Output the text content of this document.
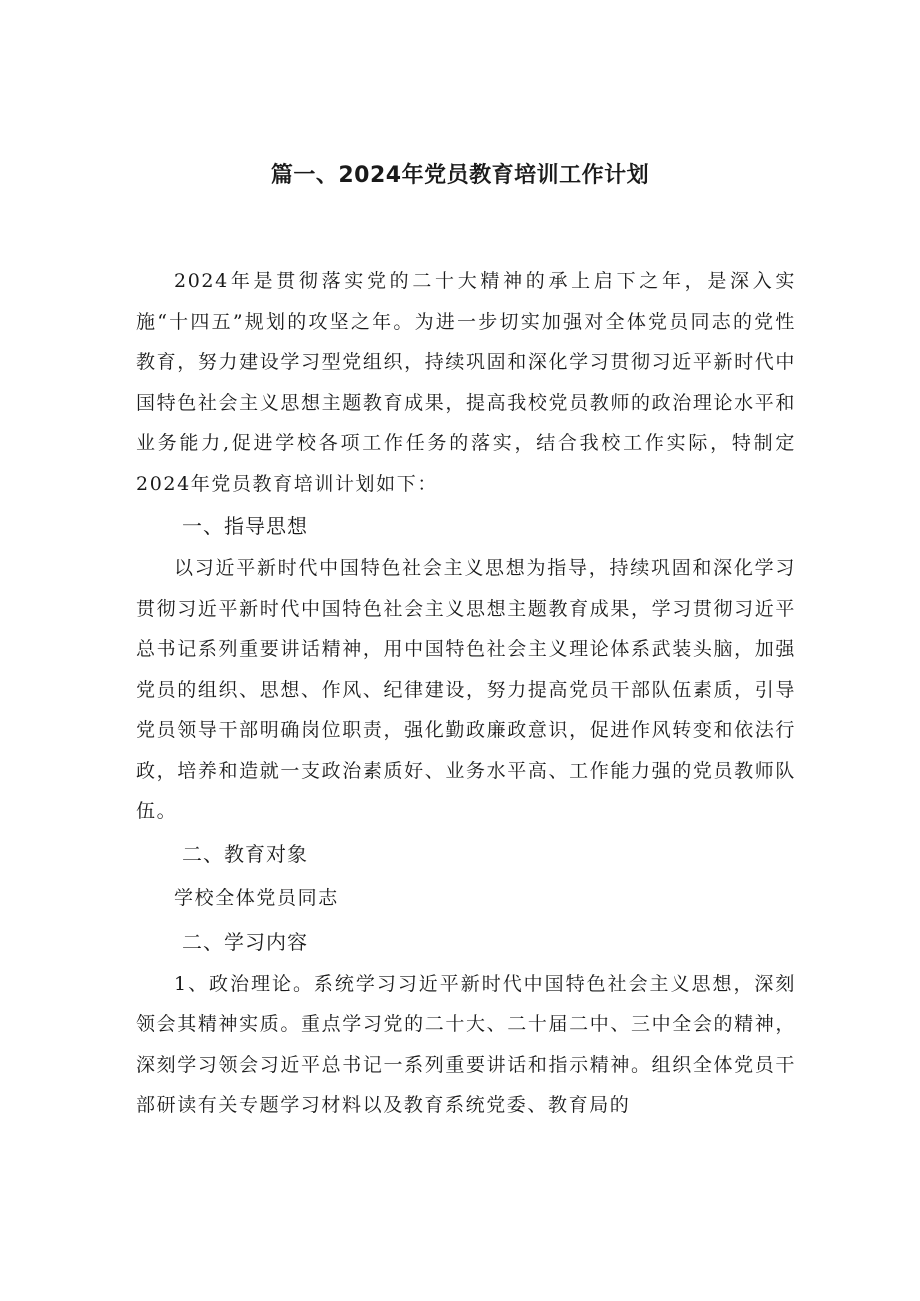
篇一、2024年党员教育培训工作计划

2024年是贯彻落实党的二十大精神的承上启下之年，是深入实施“十四五”规划的攻坚之年。为进一步切实加强对全体党员同志的党性教育，努力建设学习型党组织，持续巩固和深化学习贯彻习近平新时代中国特色社会主义思想主题教育成果，提高我校党员教师的政治理论水平和业务能力,促进学校各项工作任务的落实，结合我校工作实际，特制定2024年党员教育培训计划如下：

一、指导思想

以习近平新时代中国特色社会主义思想为指导，持续巩固和深化学习贯彻习近平新时代中国特色社会主义思想主题教育成果，学习贯彻习近平总书记系列重要讲话精神，用中国特色社会主义理论体系武装头脑，加强党员的组织、思想、作风、纪律建设，努力提高党员干部队伍素质，引导党员领导干部明确岗位职责，强化勤政廉政意识，促进作风转变和依法行政，培养和造就一支政治素质好、业务水平高、工作能力强的党员教师队伍。

二、教育对象

学校全体党员同志

二、学习内容

1、政治理论。系统学习习近平新时代中国特色社会主义思想，深刻领会其精神实质。重点学习党的二十大、二十届二中、三中全会的精神，深刻学习领会习近平总书记一系列重要讲话和指示精神。组织全体党员干部研读有关专题学习材料以及教育系统党委、教育局的
